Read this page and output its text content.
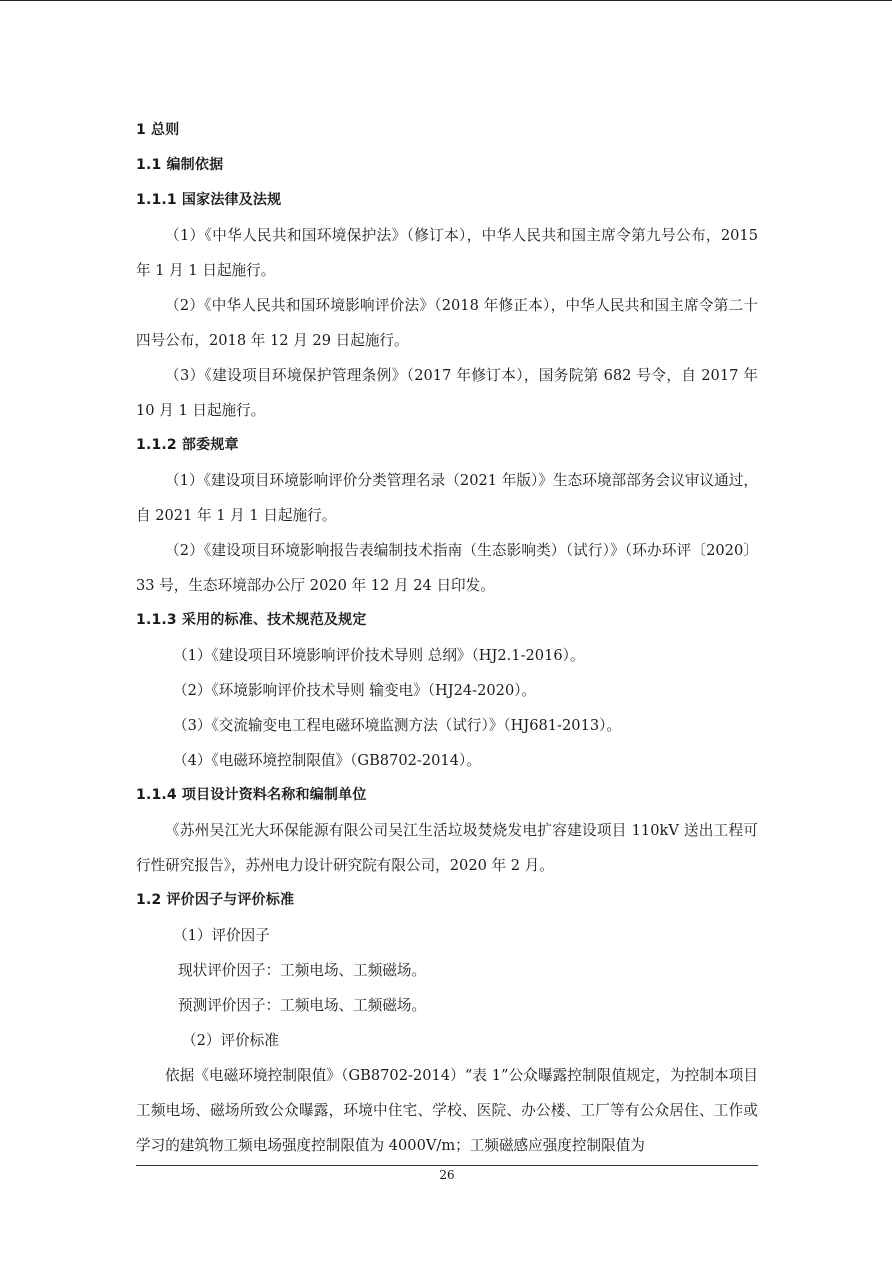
1 总则
1.1 编制依据
1.1.1 国家法律及法规

（1）《中华人民共和国环境保护法》（修订本），中华人民共和国主席令第九号公布，2015 年 1 月 1 日起施行。

（2）《中华人民共和国环境影响评价法》（2018 年修正本），中华人民共和国主席令第二十四号公布，2018 年 12 月 29 日起施行。

（3）《建设项目环境保护管理条例》（2017 年修订本），国务院第 682 号令，自 2017 年 10 月 1 日起施行。

1.1.2 部委规章

（1）《建设项目环境影响评价分类管理名录（2021 年版）》生态环境部部务会议审议通过，自 2021 年 1 月 1 日起施行。

（2）《建设项目环境影响报告表编制技术指南（生态影响类）（试行）》（环办环评〔2020〕33 号，生态环境部办公厅 2020 年 12 月 24 日印发。

1.1.3 采用的标准、技术规范及规定
（1）《建设项目环境影响评价技术导则 总纲》（HJ2.1-2016）。
（2）《环境影响评价技术导则 输变电》（HJ24-2020）。
（3）《交流输变电工程电磁环境监测方法（试行）》（HJ681-2013）。
（4）《电磁环境控制限值》（GB8702-2014）。
1.1.4 项目设计资料名称和编制单位

《苏州吴江光大环保能源有限公司吴江生活垃圾焚烧发电扩容建设项目 110kV 送出工程可行性研究报告》，苏州电力设计研究院有限公司，2020 年 2 月。

1.2 评价因子与评价标准
（1）评价因子
现状评价因子：工频电场、工频磁场。
预测评价因子：工频电场、工频磁场。
（2）评价标准

依据《电磁环境控制限值》（GB8702-2014）“表 1”公众曝露控制限值规定，为控制本项目工频电场、磁场所致公众曝露，环境中住宅、学校、医院、办公楼、工厂等有公众居住、工作或学习的建筑物工频电场强度控制限值为 4000V/m；工频磁感应强度控制限值为

26
